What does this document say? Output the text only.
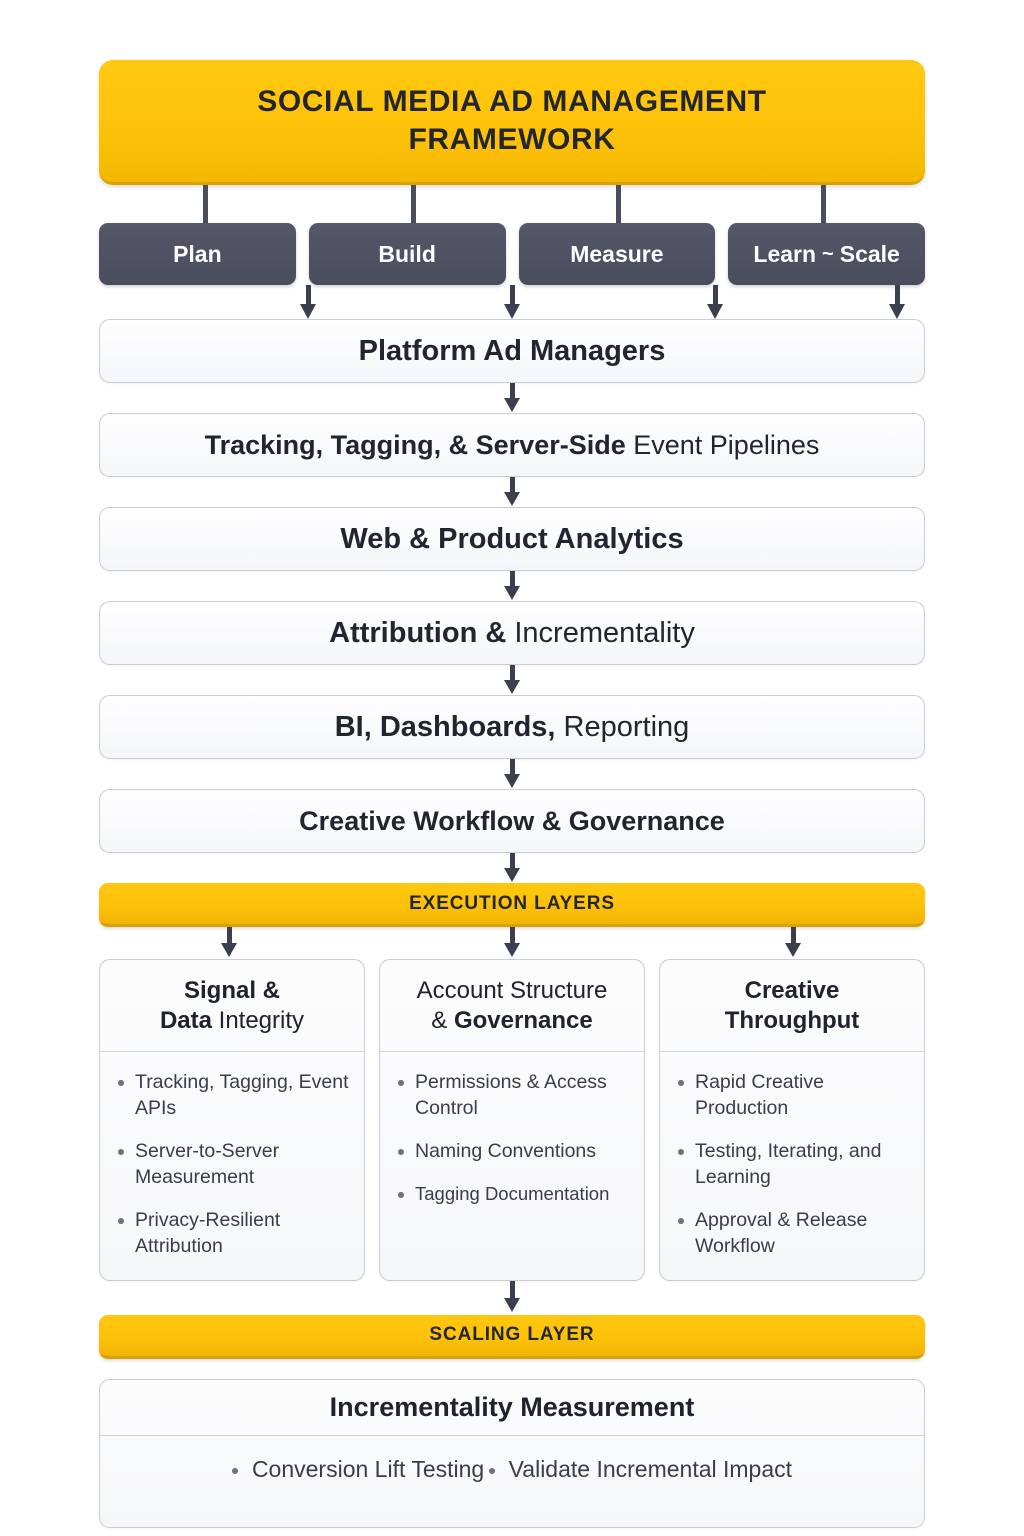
SOCIAL MEDIA AD MANAGEMENT
FRAMEWORK
Plan	Build	Measure	Learn ~ Scale
Platform Ad Managers
Tracking, Tagging, & Server-Side Event Pipelines
Web & Product Analytics
Attribution & Incrementality
BI, Dashboards, Reporting
Creative Workflow & Governance
EXECUTION LAYERS
Signal &
Data Integrity
Tracking, Tagging, Event APIs
Server-to-Server Measurement
Privacy-Resilient Attribution
Account Structure
& Governance
Permissions & Access Control
Naming Conventions
Tagging Documentation
Creative
Throughput
Rapid Creative Production
Testing, Iterating, and Learning
Approval & Release Workflow
SCALING LAYER
Incrementality Measurement
Conversion Lift Testing Validate Incremental Impact
